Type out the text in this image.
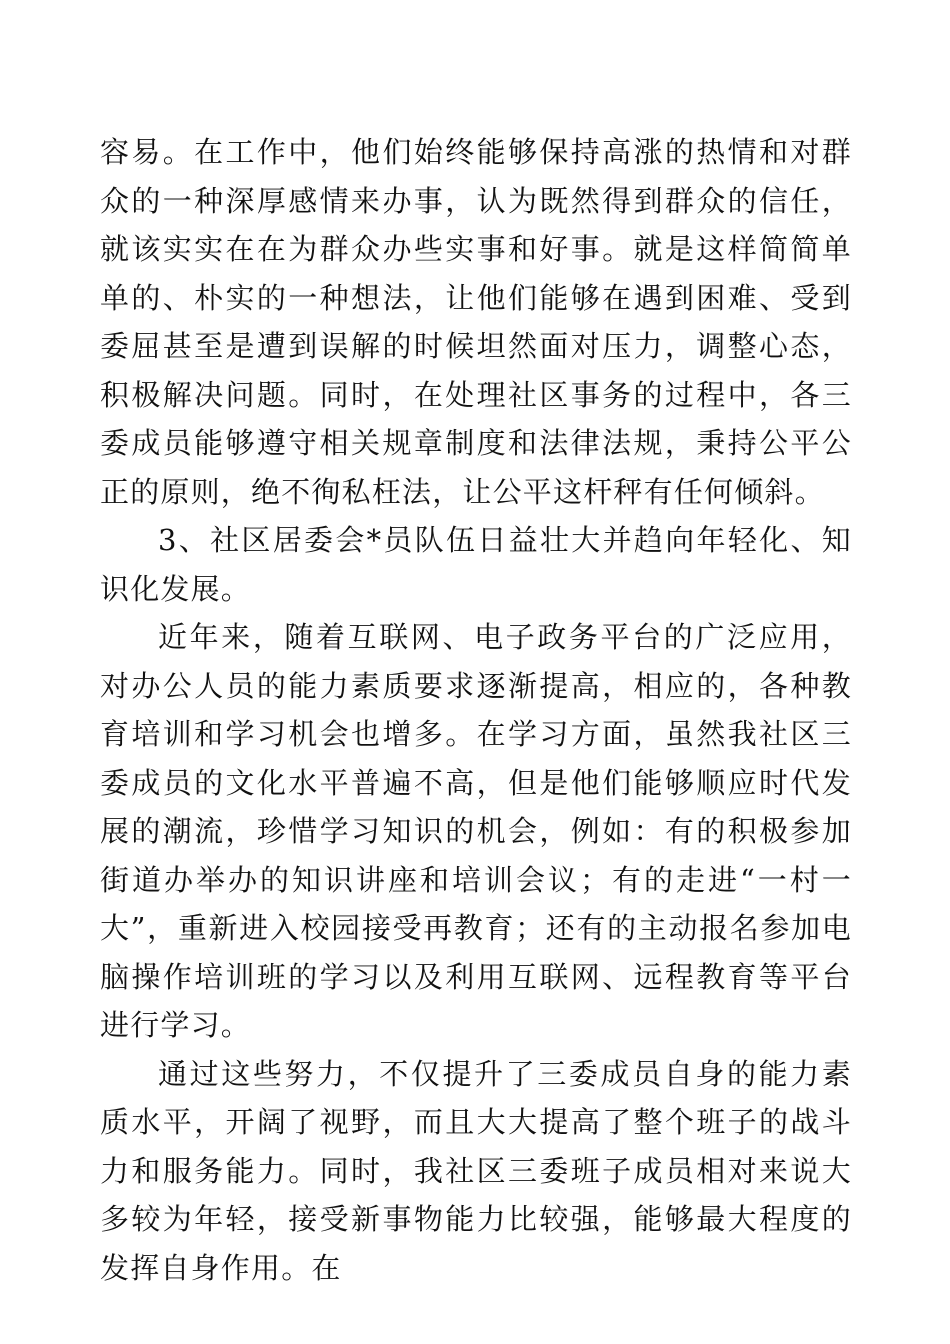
容易。在工作中，他们始终能够保持高涨的热情和对群众的一种深厚感情来办事，认为既然得到群众的信任，就该实实在在为群众办些实事和好事。就是这样简简单单的、朴实的一种想法，让他们能够在遇到困难、受到委屈甚至是遭到误解的时候坦然面对压力，调整心态，积极解决问题。同时，在处理社区事务的过程中，各三委成员能够遵守相关规章制度和法律法规，秉持公平公正的原则，绝不徇私枉法，让公平这杆秤有任何倾斜。

3、社区居委会*员队伍日益壮大并趋向年轻化、知识化发展。

近年来，随着互联网、电子政务平台的广泛应用，对办公人员的能力素质要求逐渐提高，相应的，各种教育培训和学习机会也增多。在学习方面，虽然我社区三委成员的文化水平普遍不高，但是他们能够顺应时代发展的潮流，珍惜学习知识的机会，例如：有的积极参加街道办举办的知识讲座和培训会议；有的走进“一村一大”，重新进入校园接受再教育；还有的主动报名参加电脑操作培训班的学习以及利用互联网、远程教育等平台进行学习。

通过这些努力，不仅提升了三委成员自身的能力素质水平，开阔了视野，而且大大提高了整个班子的战斗力和服务能力。同时，我社区三委班子成员相对来说大多较为年轻，接受新事物能力比较强，能够最大程度的发挥自身作用。在
